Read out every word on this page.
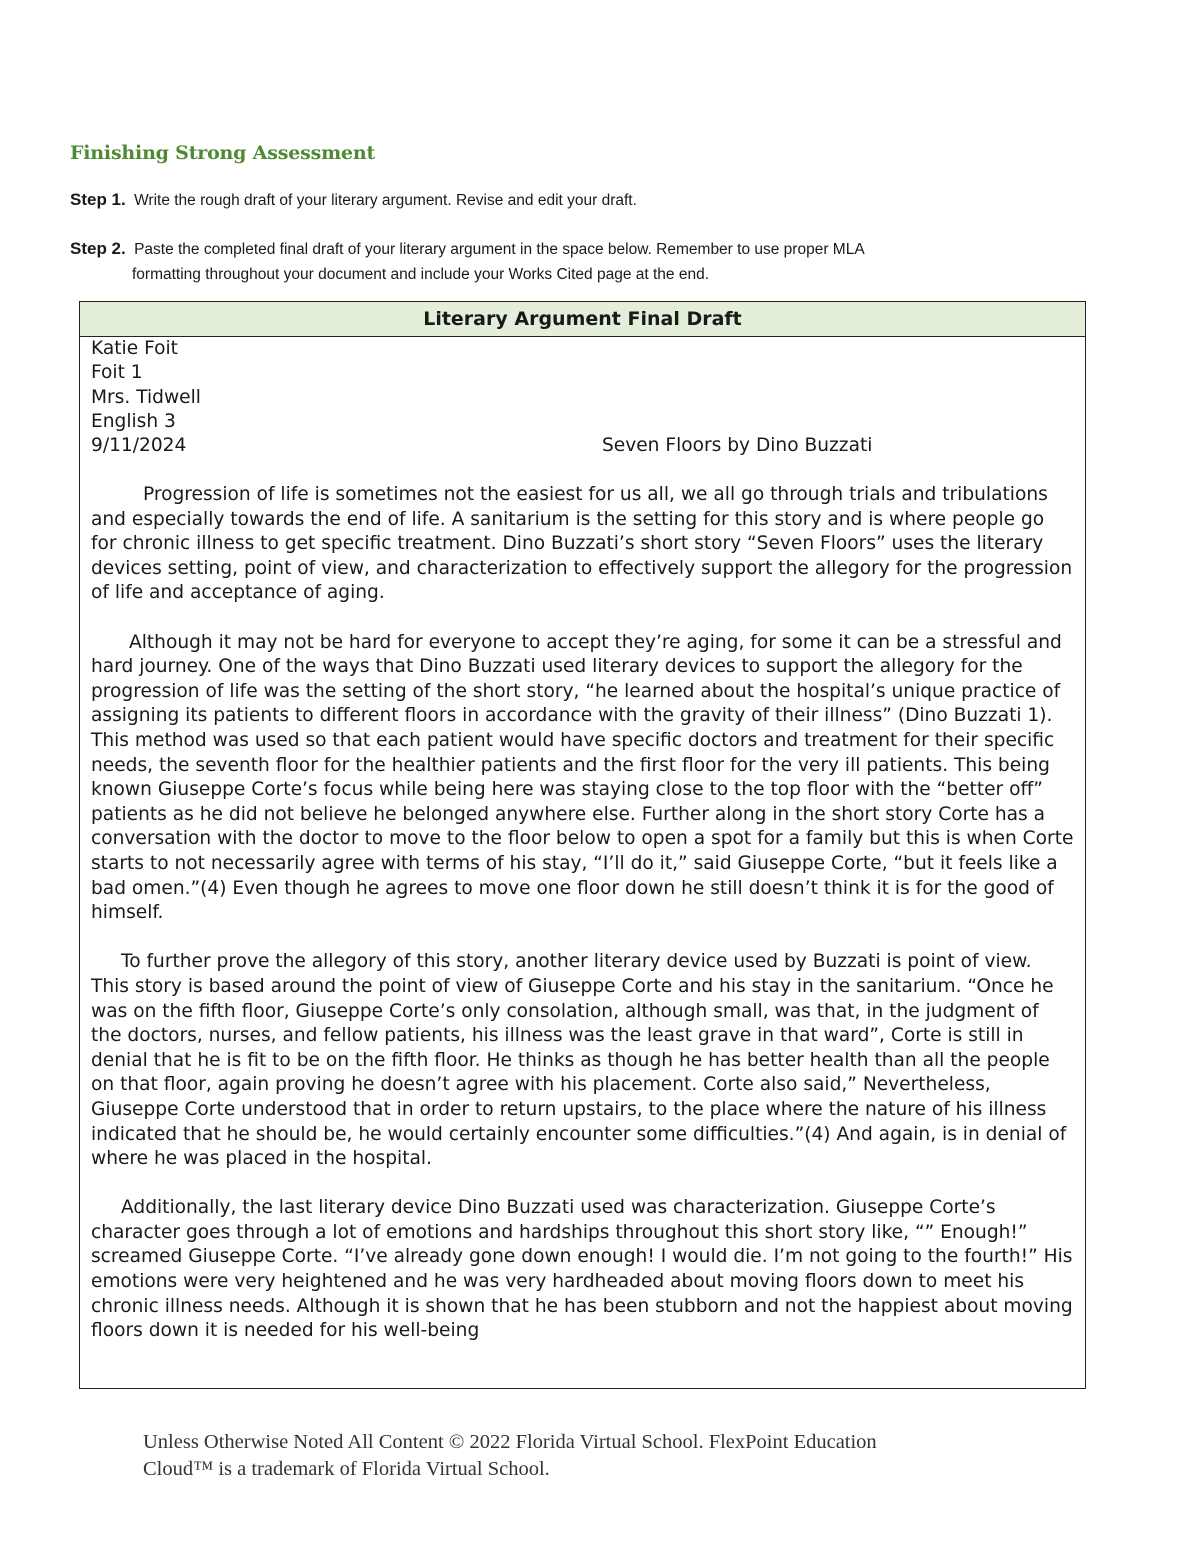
Finishing Strong Assessment

Step 1. Write the rough draft of your literary argument. Revise and edit your draft.

Step 2. Paste the completed final draft of your literary argument in the space below. Remember to use proper MLA
formatting throughout your document and include your Works Cited page at the end.

Literary Argument Final Draft
Katie Foit
Foit 1
Mrs. Tidwell
English 3
9/11/2024	Seven Floors by Dino Buzzati

Progression of life is sometimes not the easiest for us all, we all go through trials and tribulations and especially towards the end of life. A sanitarium is the setting for this story and is where people go for chronic illness to get specific treatment. Dino Buzzati’s short story “Seven Floors” uses the literary devices setting, point of view, and characterization to effectively support the allegory for the progression of life and acceptance of aging.

Although it may not be hard for everyone to accept they’re aging, for some it can be a stressful and hard journey. One of the ways that Dino Buzzati used literary devices to support the allegory for the progression of life was the setting of the short story, “he learned about the hospital’s unique practice of assigning its patients to different floors in accordance with the gravity of their illness” (Dino Buzzati 1). This method was used so that each patient would have specific doctors and treatment for their specific needs, the seventh floor for the healthier patients and the first floor for the very ill patients. This being known Giuseppe Corte’s focus while being here was staying close to the top floor with the “better off” patients as he did not believe he belonged anywhere else. Further along in the short story Corte has a conversation with the doctor to move to the floor below to open a spot for a family but this is when Corte starts to not necessarily agree with terms of his stay, “I’ll do it,” said Giuseppe Corte, “but it feels like a bad omen.”(4) Even though he agrees to move one floor down he still doesn’t think it is for the good of himself.

To further prove the allegory of this story, another literary device used by Buzzati is point of view. This story is based around the point of view of Giuseppe Corte and his stay in the sanitarium. “Once he was on the fifth floor, Giuseppe Corte’s only consolation, although small, was that, in the judgment of the doctors, nurses, and fellow patients, his illness was the least grave in that ward”, Corte is still in denial that he is fit to be on the fifth floor. He thinks as though he has better health than all the people on that floor, again proving he doesn’t agree with his placement. Corte also said,” Nevertheless, Giuseppe Corte understood that in order to return upstairs, to the place where the nature of his illness indicated that he should be, he would certainly encounter some difficulties.”(4) And again, is in denial of where he was placed in the hospital.

Additionally, the last literary device Dino Buzzati used was characterization. Giuseppe Corte’s character goes through a lot of emotions and hardships throughout this short story like, “” Enough!” screamed Giuseppe Corte. “I’ve already gone down enough! I would die. I’m not going to the fourth!” His emotions were very heightened and he was very hardheaded about moving floors down to meet his chronic illness needs. Although it is shown that he has been stubborn and not the happiest about moving floors down it is needed for his well-being

Unless Otherwise Noted All Content © 2022 Florida Virtual School. FlexPoint Education
Cloud™ is a trademark of Florida Virtual School.
